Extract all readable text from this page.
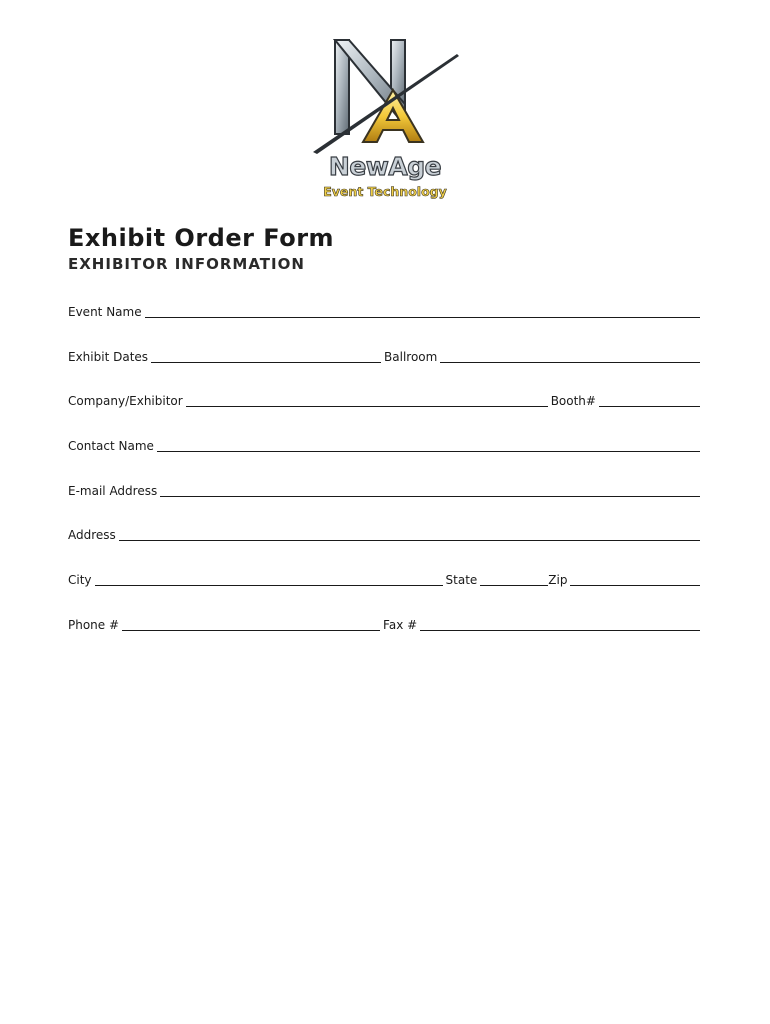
NewAge
Event Technology
Exhibit Order Form
EXHIBITOR INFORMATION
Event Name
Exhibit Dates	Ballroom
Company/Exhibitor	Booth#
Contact Name
E-mail Address
Address
City	State	Zip
Phone #	Fax #
